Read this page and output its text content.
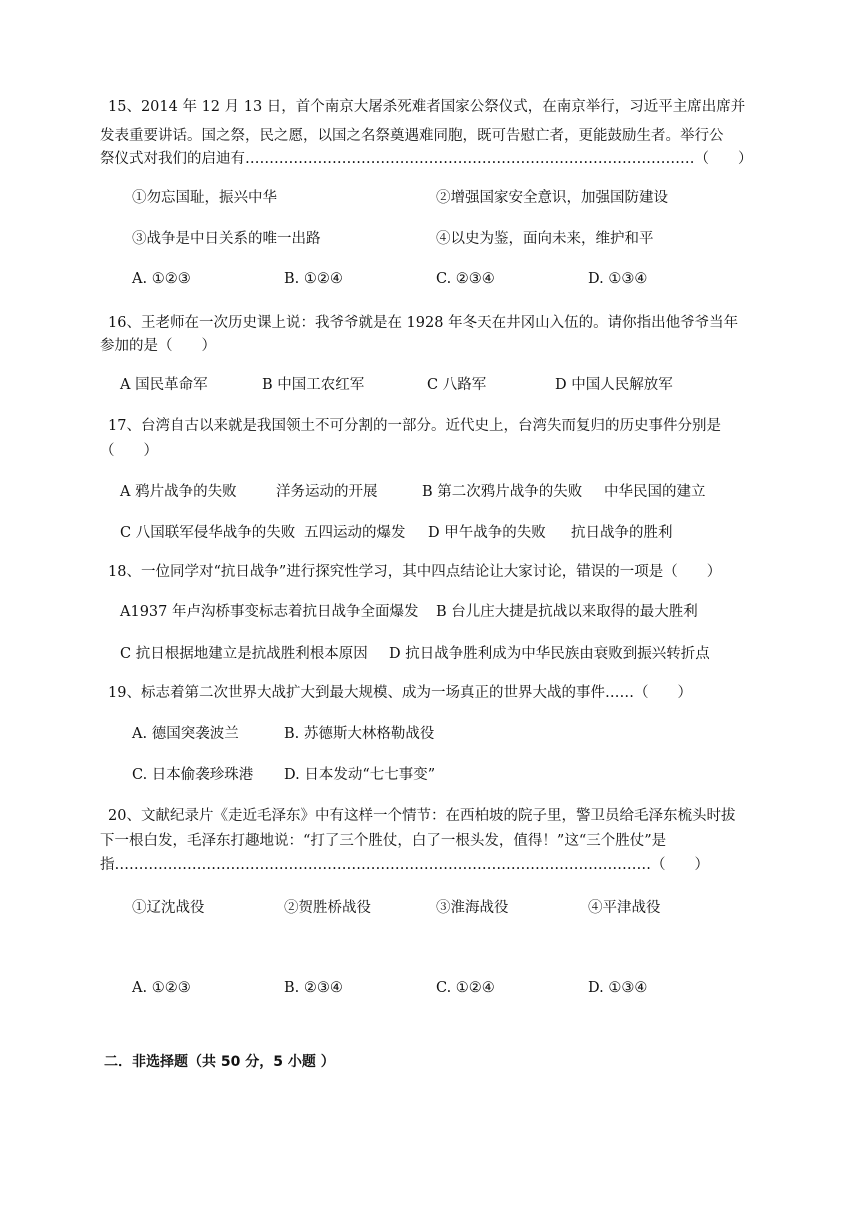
15、2014 年 12 月 13 日，首个南京大屠杀死难者国家公祭仪式，在南京举行，习近平主席出席并
发表重要讲话。国之祭，民之愿，以国之名祭奠遇难同胞，既可告慰亡者，更能鼓励生者。举行公
祭仪式对我们的启迪有…………………………………………………………………………………（　　）
①勿忘国耻，振兴中华	②增强国家安全意识，加强国防建设
③战争是中日关系的唯一出路	④以史为鉴，面向未来，维护和平
A. ①②③	B. ①②④	C. ②③④	D. ①③④
16、王老师在一次历史课上说：我爷爷就是在 1928 年冬天在井冈山入伍的。请你指出他爷爷当年
参加的是（　　）
A 国民革命军	B 中国工农红军	C 八路军	D 中国人民解放军
17、台湾自古以来就是我国领土不可分割的一部分。近代史上，台湾失而复归的历史事件分别是
（　　）
A 鸦片战争的失败	洋务运动的开展	B 第二次鸦片战争的失败 中华民国的建立
C 八国联军侵华战争的失败 五四运动的爆发 D 甲午战争的失败 抗日战争的胜利
18、一位同学对“抗日战争”进行探究性学习，其中四点结论让大家讨论，错误的一项是（　　）
A1937 年卢沟桥事变标志着抗日战争全面爆发 B 台儿庄大捷是抗战以来取得的最大胜利
C 抗日根据地建立是抗战胜利根本原因 D 抗日战争胜利成为中华民族由衰败到振兴转折点
19、标志着第二次世界大战扩大到最大规模、成为一场真正的世界大战的事件……（　　）
A. 德国突袭波兰	B. 苏德斯大林格勒战役
C. 日本偷袭珍珠港 D. 日本发动“七七事变”
20、文献纪录片《走近毛泽东》中有这样一个情节：在西柏坡的院子里，警卫员给毛泽东梳头时拔
下一根白发，毛泽东打趣地说：“打了三个胜仗，白了一根头发，值得！”这“三个胜仗”是
指…………………………………………………………………………………………………（　　）
①辽沈战役	②贺胜桥战役	③淮海战役	④平津战役
A. ①②③	B. ②③④	C. ①②④	D. ①③④
二．非选择题（共 50 分，5 小题 ）
